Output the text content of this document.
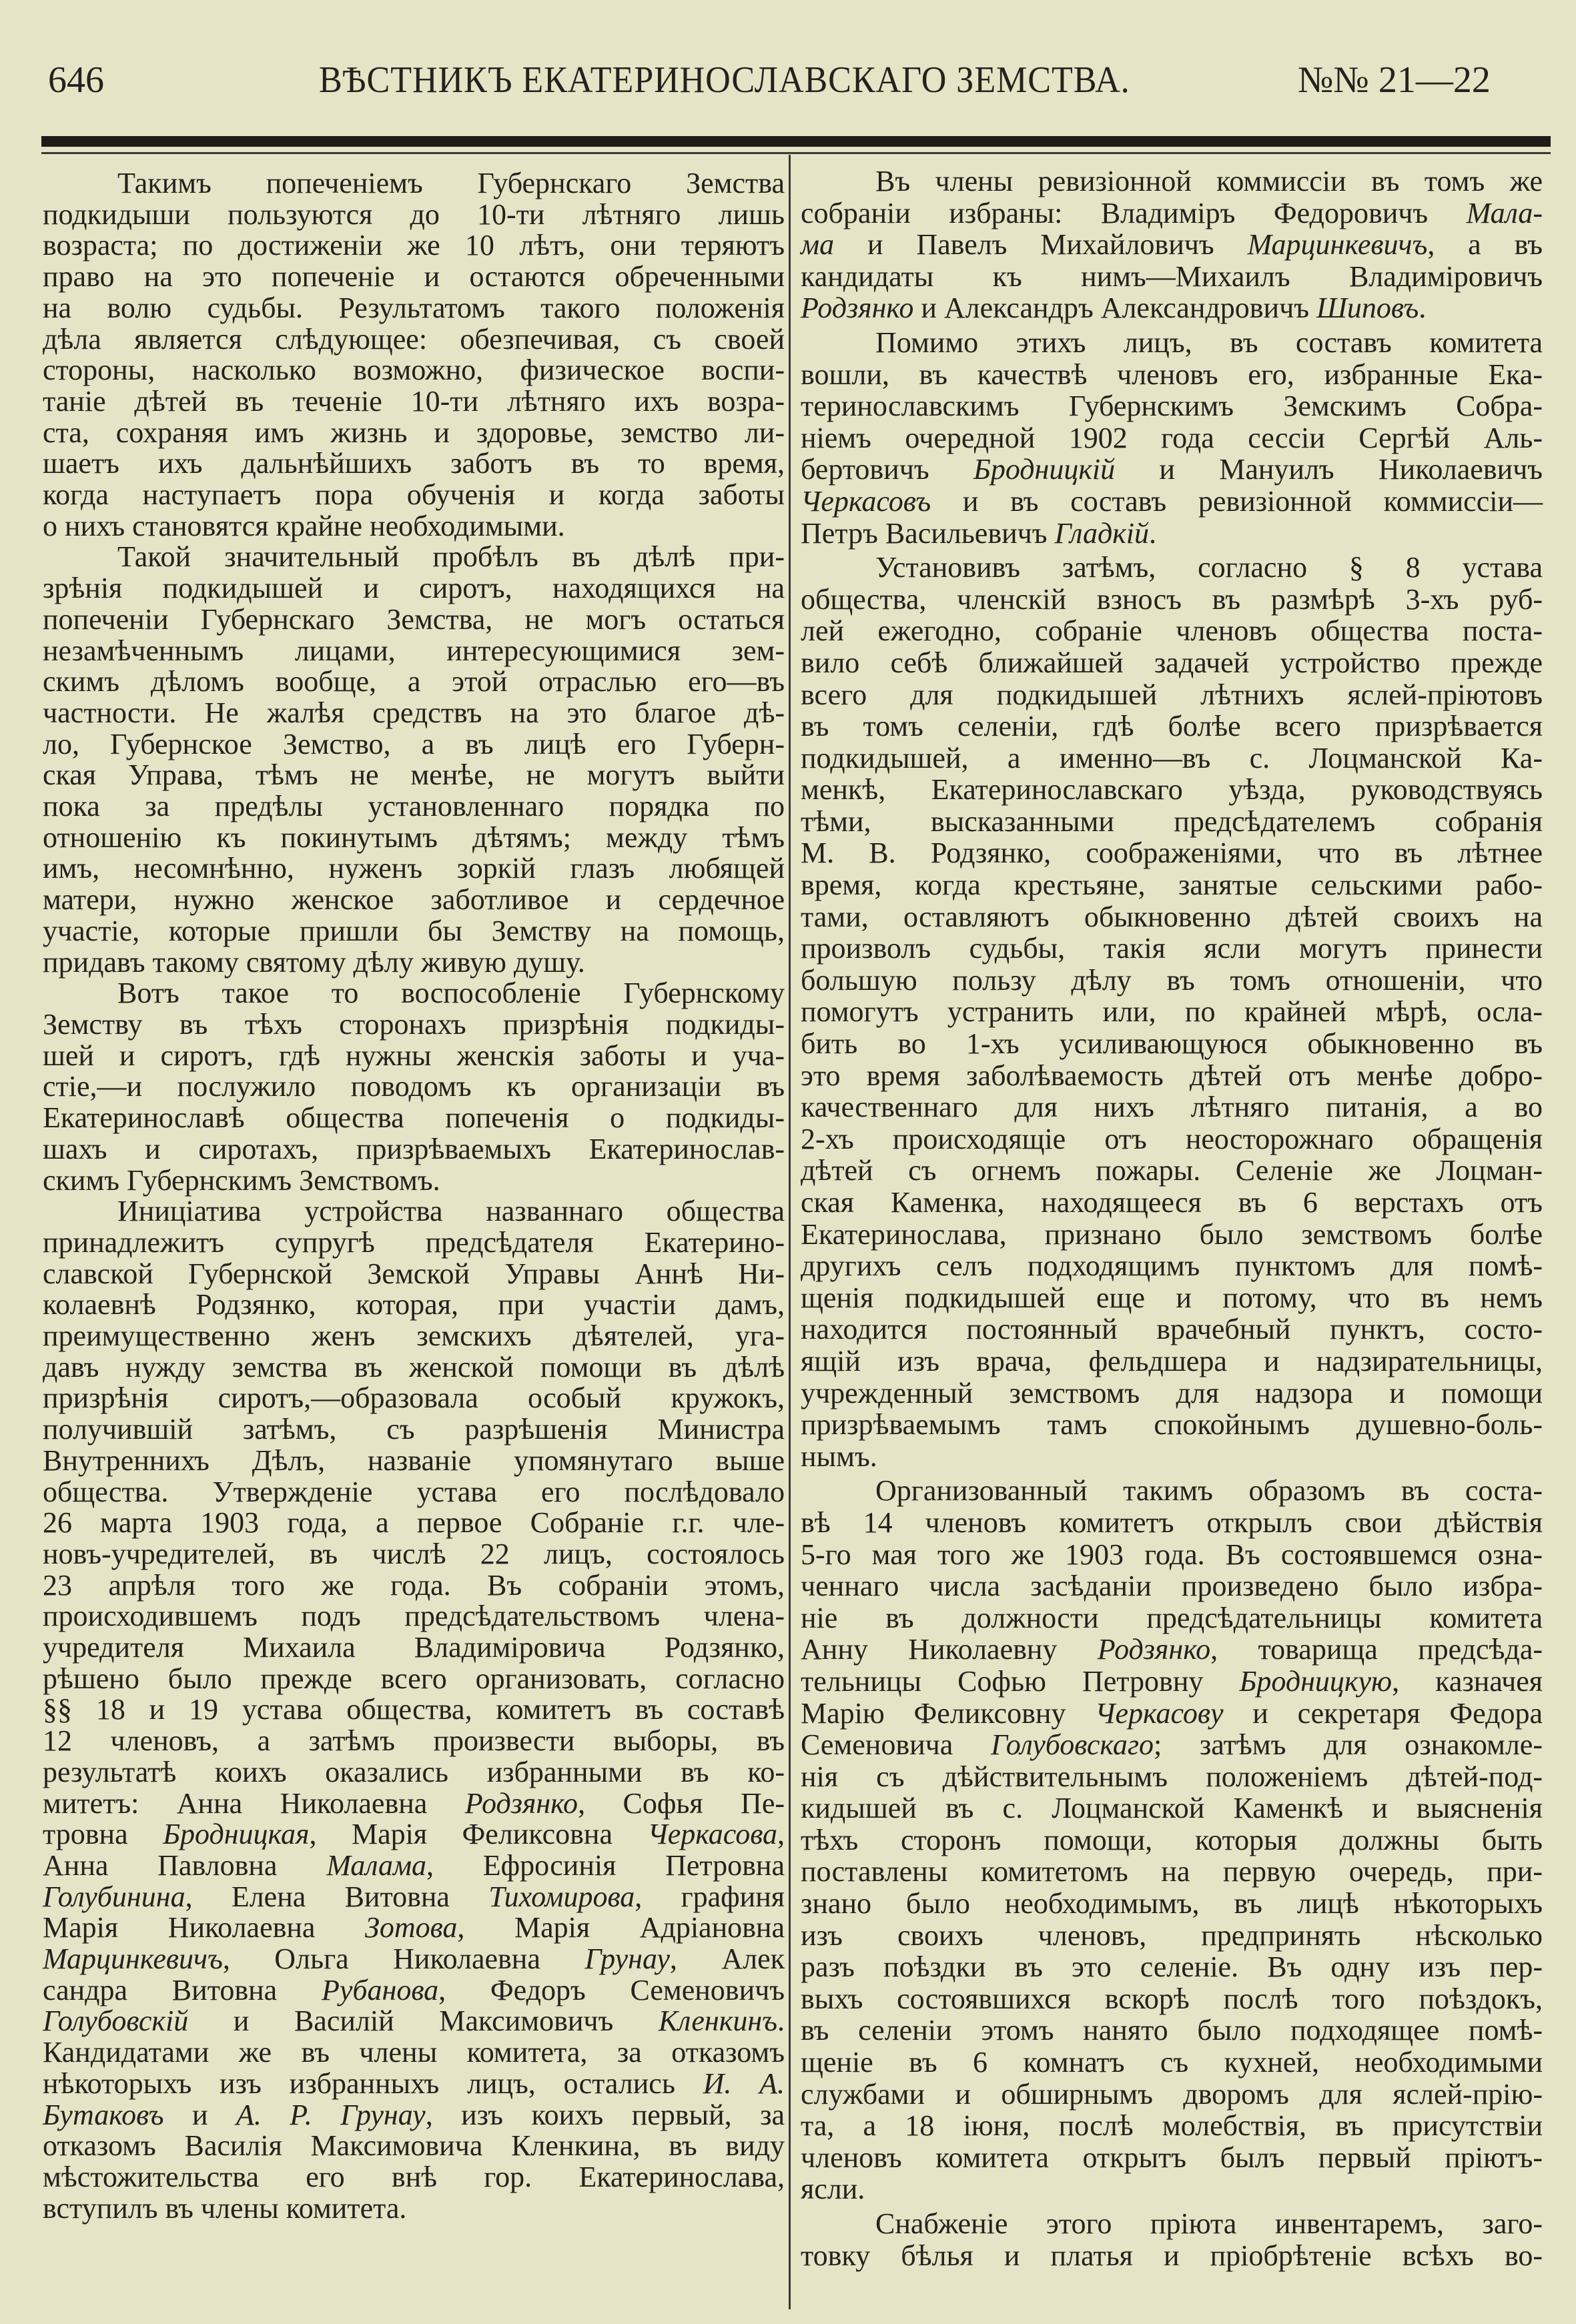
646	ВѢСТНИКЪ ЕКАТЕРИНОСЛАВСКАГО ЗЕМСТВА.	№№ 21—22
Такимъ попеченіемъ Губернскаго Земства
подкидыши пользуются до 10-ти лѣтняго лишь
возраста; по достиженіи же 10 лѣтъ, они теряютъ
право на это попеченіе и остаются обреченными
на волю судьбы. Результатомъ такого положенія
дѣла является слѣдующее: обезпечивая, съ своей
стороны, насколько возможно, физическое воспи-
таніе дѣтей въ теченіе 10-ти лѣтняго ихъ возра-
ста, сохраняя имъ жизнь и здоровье, земство ли-
шаетъ ихъ дальнѣйшихъ заботъ въ то время,
когда наступаетъ пора обученія и когда заботы
о нихъ становятся крайне необходимыми.
Такой значительный пробѣлъ въ дѣлѣ при-
зрѣнія подкидышей и сиротъ, находящихся на
попеченіи Губернскаго Земства, не могъ остаться
незамѣченнымъ лицами, интересующимися зем-
скимъ дѣломъ вообще, а этой отраслью его—въ
частности. Не жалѣя средствъ на это благое дѣ-
ло, Губернское Земство, а въ лицѣ его Губерн-
ская Управа, тѣмъ не менѣе, не могутъ выйти
пока за предѣлы установленнаго порядка по
отношенію къ покинутымъ дѣтямъ; между тѣмъ
имъ, несомнѣнно, нуженъ зоркій глазъ любящей
матери, нужно женское заботливое и сердечное
участіе, которые пришли бы Земству на помощь,
придавъ такому святому дѣлу живую душу.
Вотъ такое то воспособленіе Губернскому
Земству въ тѣхъ сторонахъ призрѣнія подкиды-
шей и сиротъ, гдѣ нужны женскія заботы и уча-
стіе,—и послужило поводомъ къ организаціи въ
Екатеринославѣ общества попеченія о подкиды-
шахъ и сиротахъ, призрѣваемыхъ Екатеринослав-
скимъ Губернскимъ Земствомъ.
Иниціатива устройства названнаго общества
принадлежитъ супругѣ предсѣдателя Екатерино-
славской Губернской Земской Управы Аннѣ Ни-
колаевнѣ Родзянко, которая, при участіи дамъ,
преимущественно женъ земскихъ дѣятелей, уга-
давъ нужду земства въ женской помощи въ дѣлѣ
призрѣнія сиротъ,—образовала особый кружокъ,
получившій затѣмъ, съ разрѣшенія Министра
Внутреннихъ Дѣлъ, названіе упомянутаго выше
общества. Утвержденіе устава его послѣдовало
26 марта 1903 года, а первое Собраніе г.г. чле-
новъ-учредителей, въ числѣ 22 лицъ, состоялось
23 апрѣля того же года. Въ собраніи этомъ,
происходившемъ подъ предсѣдательствомъ члена-
учредителя Михаила Владиміровича Родзянко,
рѣшено было прежде всего организовать, согласно
§§ 18 и 19 устава общества, комитетъ въ составѣ
12 членовъ, а затѣмъ произвести выборы, въ
результатѣ коихъ оказались избранными въ ко-
митетъ: Анна Николаевна Родзянко, Софья Пе-
тровна Бродницкая, Марія Феликсовна Черкасова,
Анна Павловна Малама, Ефросинія Петровна
Голубинина, Елена Витовна Тихомирова, графиня
Марія Николаевна Зотова, Марія Адріановна
Марцинкевичъ, Ольга Николаевна Грунау, Алек
сандра Витовна Рубанова, Федоръ Семеновичъ
Голубовскій и Василій Максимовичъ Кленкинъ.
Кандидатами же въ члены комитета, за отказомъ
нѣкоторыхъ изъ избранныхъ лицъ, остались И. А.
Бутаковъ и А. Р. Грунау, изъ коихъ первый, за
отказомъ Василія Максимовича Кленкина, въ виду
мѣстожительства его внѣ гор. Екатеринослава,
вступилъ въ члены комитета.
Въ члены ревизіонной коммиссіи въ томъ же
собраніи избраны: Владиміръ Федоровичъ Мала-
ма и Павелъ Михайловичъ Марцинкевичъ, а въ
кандидаты къ нимъ—Михаилъ Владиміровичъ
Родзянко и Александръ Александровичъ Шиповъ.
Помимо этихъ лицъ, въ составъ комитета
вошли, въ качествѣ членовъ его, избранные Ека-
теринославскимъ Губернскимъ Земскимъ Собра-
ніемъ очередной 1902 года сессіи Сергѣй Аль-
бертовичъ Бродницкій и Мануилъ Николаевичъ
Черкасовъ и въ составъ ревизіонной коммиссіи—
Петръ Васильевичъ Гладкій.
Установивъ затѣмъ, согласно § 8 устава
общества, членскій взносъ въ размѣрѣ 3-хъ руб-
лей ежегодно, собраніе членовъ общества поста-
вило себѣ ближайшей задачей устройство прежде
всего для подкидышей лѣтнихъ яслей-пріютовъ
въ томъ селеніи, гдѣ болѣе всего призрѣвается
подкидышей, а именно—въ с. Лоцманской Ка-
менкѣ, Екатеринославскаго уѣзда, руководствуясь
тѣми, высказанными предсѣдателемъ собранія
М. В. Родзянко, соображеніями, что въ лѣтнее
время, когда крестьяне, занятые сельскими рабо-
тами, оставляютъ обыкновенно дѣтей своихъ на
произволъ судьбы, такія ясли могутъ принести
большую пользу дѣлу въ томъ отношеніи, что
помогутъ устранить или, по крайней мѣрѣ, осла-
бить во 1-хъ усиливающуюся обыкновенно въ
это время заболѣваемость дѣтей отъ менѣе добро-
качественнаго для нихъ лѣтняго питанія, а во
2-хъ происходящіе отъ неосторожнаго обращенія
дѣтей съ огнемъ пожары. Селеніе же Лоцман-
ская Каменка, находящееся въ 6 верстахъ отъ
Екатеринослава, признано было земствомъ болѣе
другихъ селъ подходящимъ пунктомъ для помѣ-
щенія подкидышей еще и потому, что въ немъ
находится постоянный врачебный пунктъ, состо-
ящій изъ врача, фельдшера и надзирательницы,
учрежденный земствомъ для надзора и помощи
призрѣваемымъ тамъ спокойнымъ душевно-боль-
нымъ.
Организованный такимъ образомъ въ соста-
вѣ 14 членовъ комитетъ открылъ свои дѣйствія
5-го мая того же 1903 года. Въ состоявшемся озна-
ченнаго числа засѣданіи произведено было избра-
ніе въ должности предсѣдательницы комитета
Анну Николаевну Родзянко, товарища предсѣда-
тельницы Софью Петровну Бродницкую, казначея
Марію Феликсовну Черкасову и секретаря Федора
Семеновича Голубовскаго; затѣмъ для ознакомле-
нія съ дѣйствительнымъ положеніемъ дѣтей-под-
кидышей въ с. Лоцманской Каменкѣ и выясненія
тѣхъ сторонъ помощи, которыя должны быть
поставлены комитетомъ на первую очередь, при-
знано было необходимымъ, въ лицѣ нѣкоторыхъ
изъ своихъ членовъ, предпринять нѣсколько
разъ поѣздки въ это селеніе. Въ одну изъ пер-
выхъ состоявшихся вскорѣ послѣ того поѣздокъ,
въ селеніи этомъ нанято было подходящее помѣ-
щеніе въ 6 комнатъ съ кухней, необходимыми
службами и обширнымъ дворомъ для яслей-прію-
та, а 18 іюня, послѣ молебствія, въ присутствіи
членовъ комитета открытъ былъ первый пріютъ-
ясли.
Снабженіе этого пріюта инвентаремъ, заго-
товку бѣлья и платья и пріобрѣтеніе всѣхъ во-
